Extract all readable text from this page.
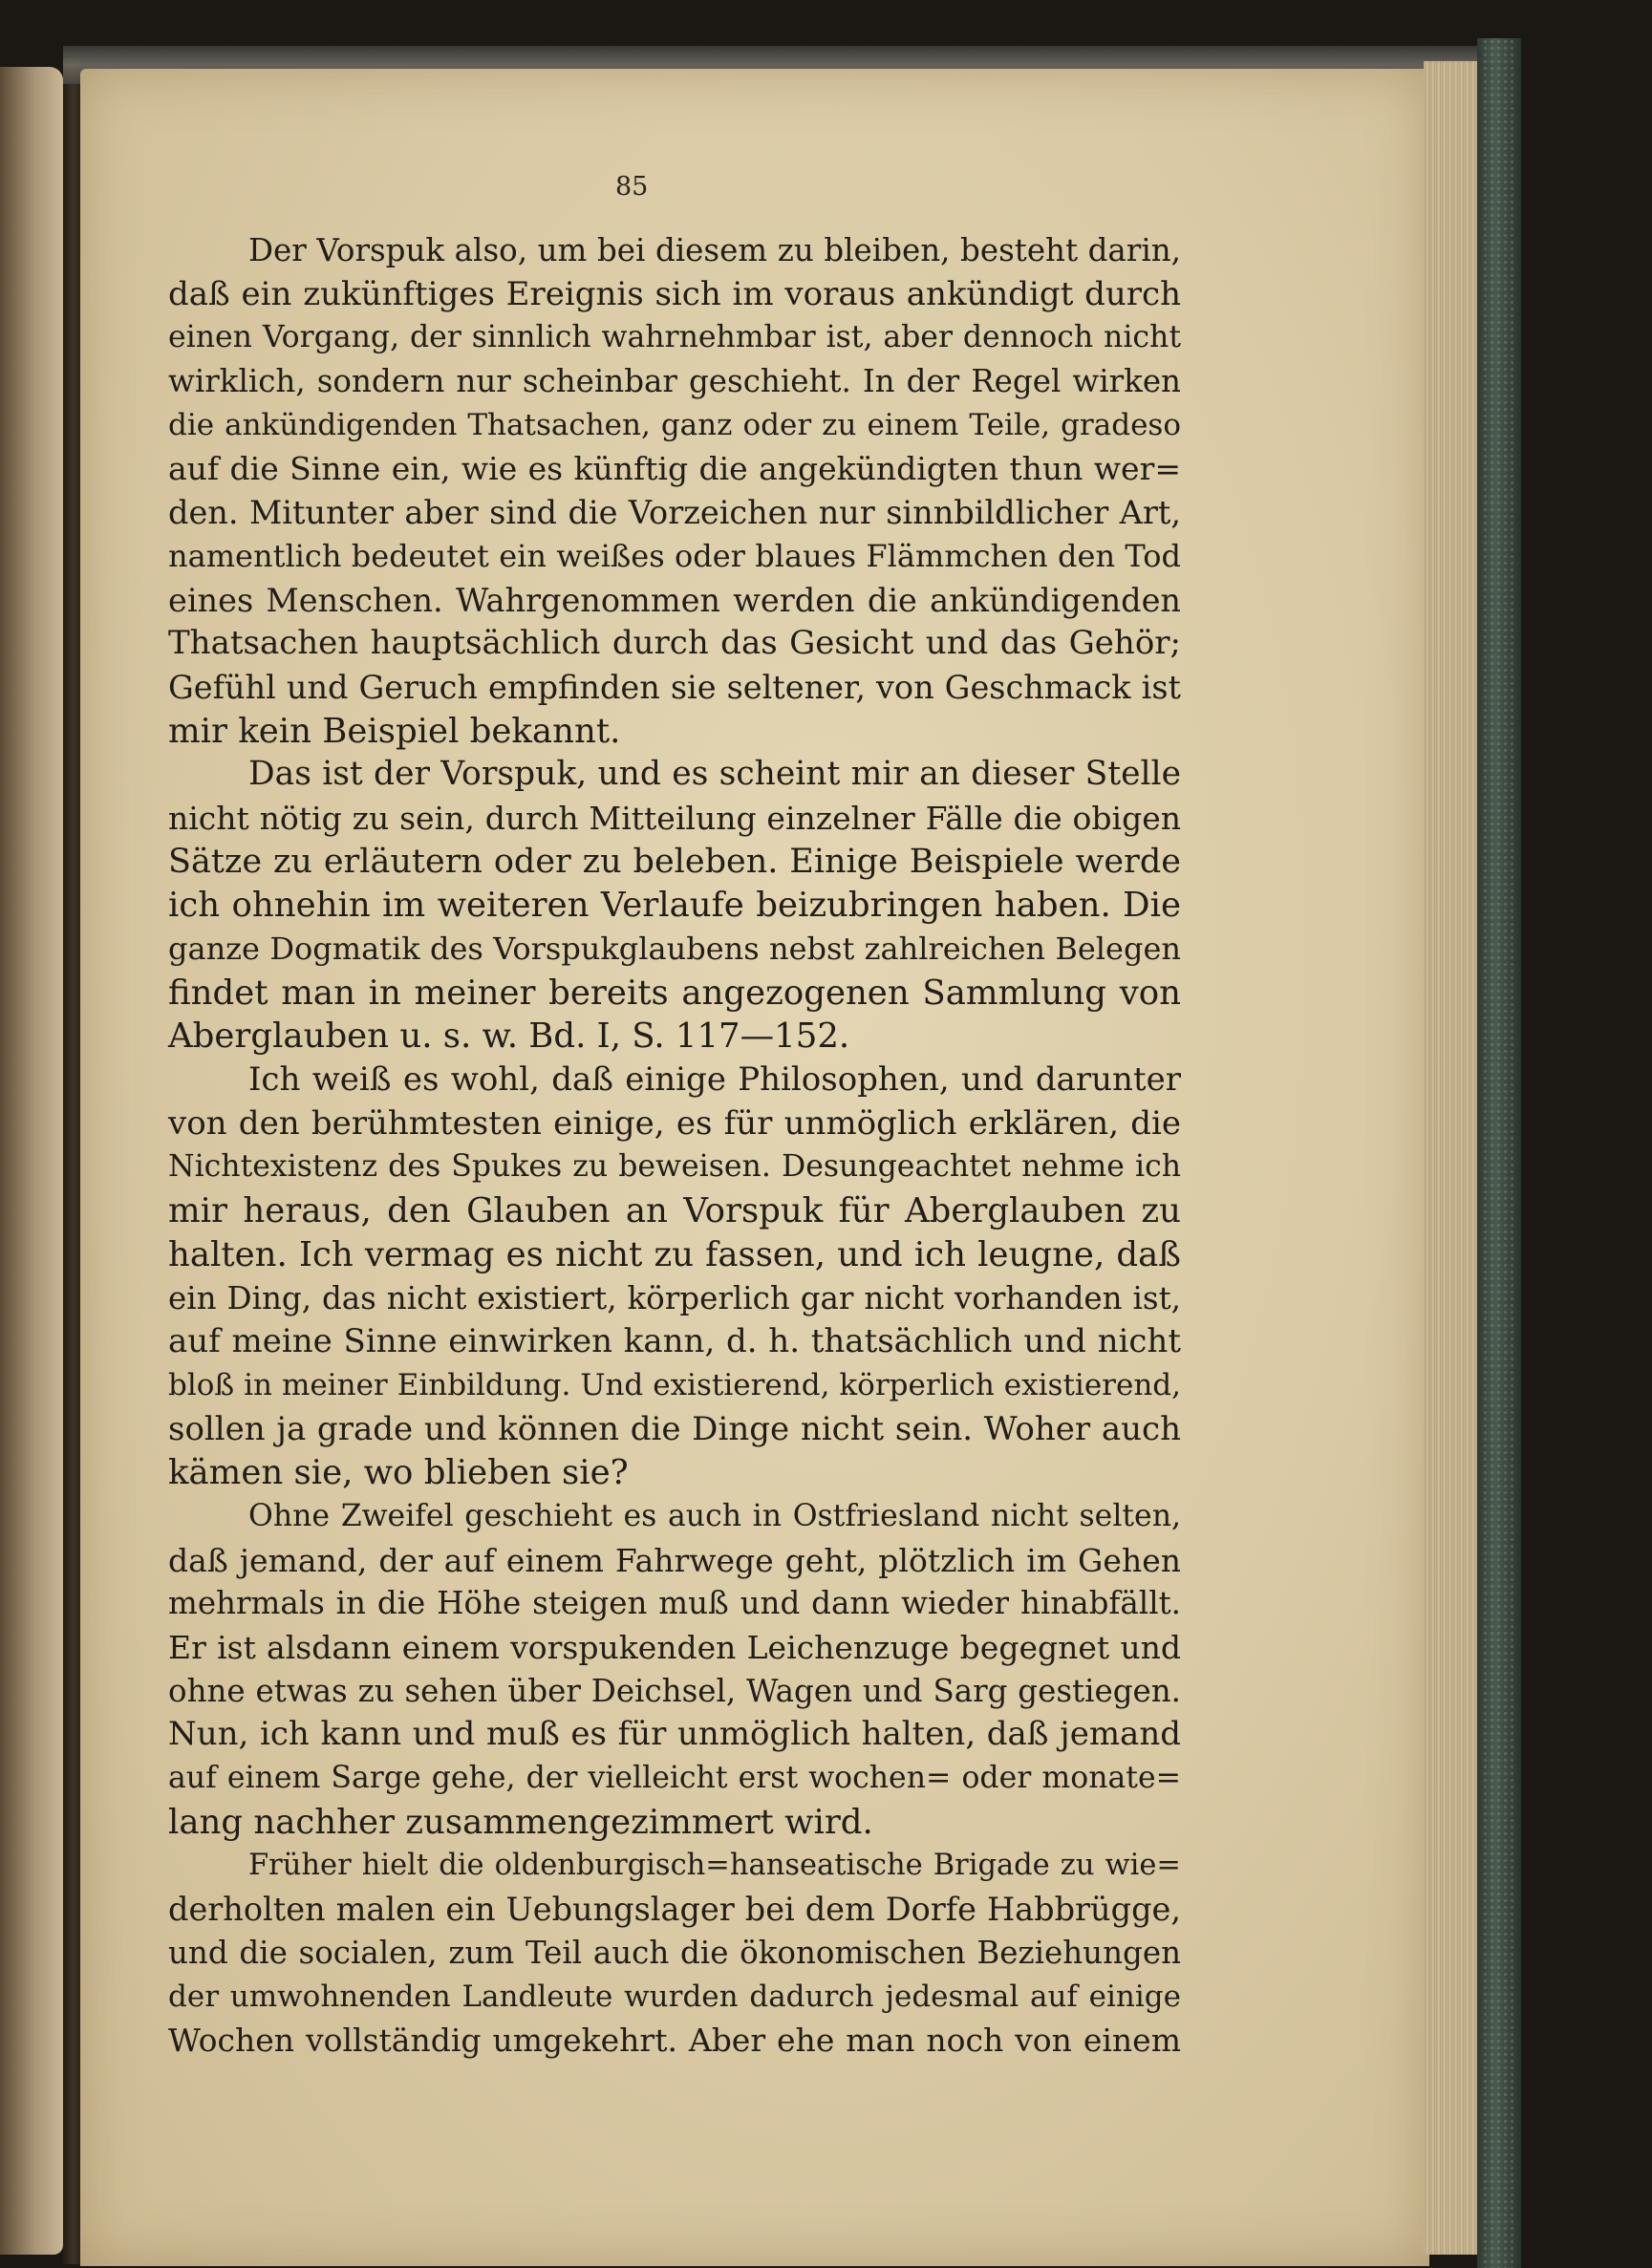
85
Der Vorspuk also, um bei diesem zu bleiben, besteht darin,
daß ein zukünftiges Ereignis sich im voraus ankündigt durch
einen Vorgang, der sinnlich wahrnehmbar ist, aber dennoch nicht
wirklich, sondern nur scheinbar geschieht. In der Regel wirken
die ankündigenden Thatsachen, ganz oder zu einem Teile, gradeso
auf die Sinne ein, wie es künftig die angekündigten thun wer=
den. Mitunter aber sind die Vorzeichen nur sinnbildlicher Art,
namentlich bedeutet ein weißes oder blaues Flämmchen den Tod
eines Menschen. Wahrgenommen werden die ankündigenden
Thatsachen hauptsächlich durch das Gesicht und das Gehör;
Gefühl und Geruch empfinden sie seltener, von Geschmack ist
mir kein Beispiel bekannt.
Das ist der Vorspuk, und es scheint mir an dieser Stelle
nicht nötig zu sein, durch Mitteilung einzelner Fälle die obigen
Sätze zu erläutern oder zu beleben. Einige Beispiele werde
ich ohnehin im weiteren Verlaufe beizubringen haben. Die
ganze Dogmatik des Vorspukglaubens nebst zahlreichen Belegen
findet man in meiner bereits angezogenen Sammlung von
Aberglauben u. s. w. Bd. I, S. 117—152.
Ich weiß es wohl, daß einige Philosophen, und darunter
von den berühmtesten einige, es für unmöglich erklären, die
Nichtexistenz des Spukes zu beweisen. Desungeachtet nehme ich
mir heraus, den Glauben an Vorspuk für Aberglauben zu
halten. Ich vermag es nicht zu fassen, und ich leugne, daß
ein Ding, das nicht existiert, körperlich gar nicht vorhanden ist,
auf meine Sinne einwirken kann, d. h. thatsächlich und nicht
bloß in meiner Einbildung. Und existierend, körperlich existierend,
sollen ja grade und können die Dinge nicht sein. Woher auch
kämen sie, wo blieben sie?
Ohne Zweifel geschieht es auch in Ostfriesland nicht selten,
daß jemand, der auf einem Fahrwege geht, plötzlich im Gehen
mehrmals in die Höhe steigen muß und dann wieder hinabfällt.
Er ist alsdann einem vorspukenden Leichenzuge begegnet und
ohne etwas zu sehen über Deichsel, Wagen und Sarg gestiegen.
Nun, ich kann und muß es für unmöglich halten, daß jemand
auf einem Sarge gehe, der vielleicht erst wochen= oder monate=
lang nachher zusammengezimmert wird.
Früher hielt die oldenburgisch=hanseatische Brigade zu wie=
derholten malen ein Uebungslager bei dem Dorfe Habbrügge,
und die socialen, zum Teil auch die ökonomischen Beziehungen
der umwohnenden Landleute wurden dadurch jedesmal auf einige
Wochen vollständig umgekehrt. Aber ehe man noch von einem
